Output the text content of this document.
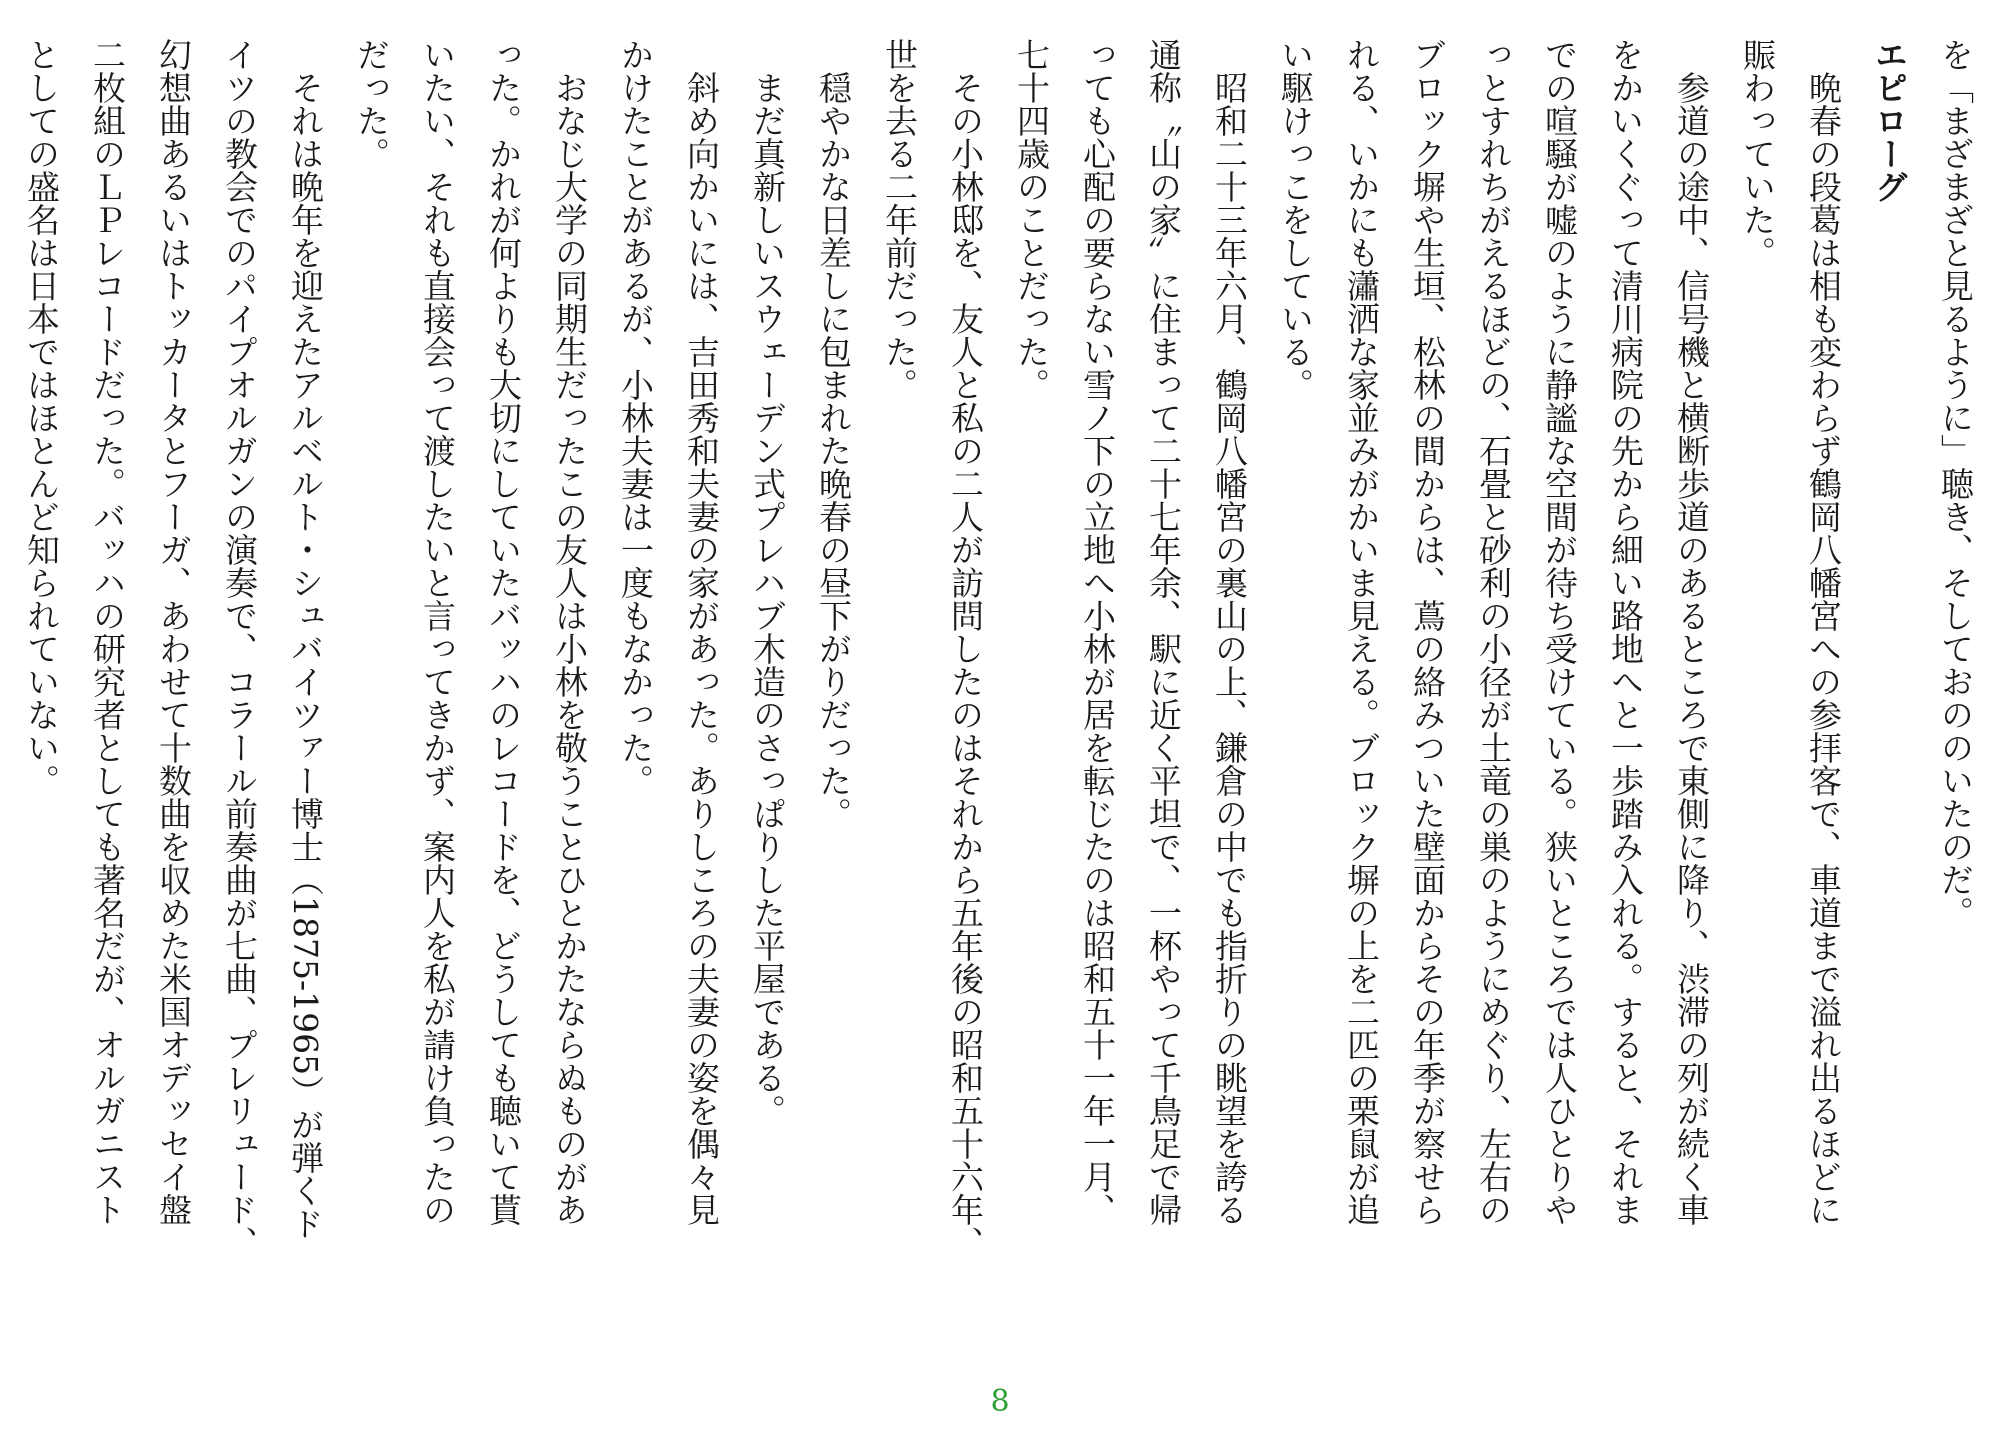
を「まざまざと見るように」聴き、そしておののいたのだ。

エピローグ

　晩春の段葛は相も変わらず鶴岡八幡宮への参拝客で、車道まで溢れ出るほどに

賑わっていた。

　参道の途中、信号機と横断歩道のあるところで東側に降り、渋滞の列が続く車

をかいくぐって清川病院の先から細い路地へと一歩踏み入れる。すると、それま

での喧騒が嘘のように静謐な空間が待ち受けている。狭いところでは人ひとりや

っとすれちがえるほどの、石畳と砂利の小径が土竜の巣のようにめぐり、左右の

ブロック塀や生垣、松林の間からは、蔦の絡みついた壁面からその年季が察せら

れる、いかにも瀟洒な家並みがかいま見える。ブロック塀の上を二匹の栗鼠が追

い駆けっこをしている。

　昭和二十三年六月、鶴岡八幡宮の裏山の上、鎌倉の中でも指折りの眺望を誇る

通称〝山の家〟に住まって二十七年余、駅に近く平坦で、一杯やって千鳥足で帰

っても心配の要らない雪ノ下の立地へ小林が居を転じたのは昭和五十一年一月、

七十四歳のことだった。

　その小林邸を、友人と私の二人が訪問したのはそれから五年後の昭和五十六年、

世を去る二年前だった。

　穏やかな日差しに包まれた晩春の昼下がりだった。

　まだ真新しいスウェーデン式プレハブ木造のさっぱりした平屋である。

　斜め向かいには、吉田秀和夫妻の家があった。ありしころの夫妻の姿を偶々見

かけたことがあるが、小林夫妻は一度もなかった。

　おなじ大学の同期生だったこの友人は小林を敬うことひとかたならぬものがあ

った。かれが何よりも大切にしていたバッハのレコードを、どうしても聴いて貰

いたい、それも直接会って渡したいと言ってきかず、案内人を私が請け負ったの

だった。

　それは晩年を迎えたアルベルト・シュバイツァー博士（1875-1965）が弾くド

イツの教会でのパイプオルガンの演奏で、コラール前奏曲が七曲、プレリュード、

幻想曲あるいはトッカータとフーガ、あわせて十数曲を収めた米国オデッセイ盤

二枚組のＬＰレコードだった。バッハの研究者としても著名だが、オルガニスト

としての盛名は日本ではほとんど知られていない。

8
